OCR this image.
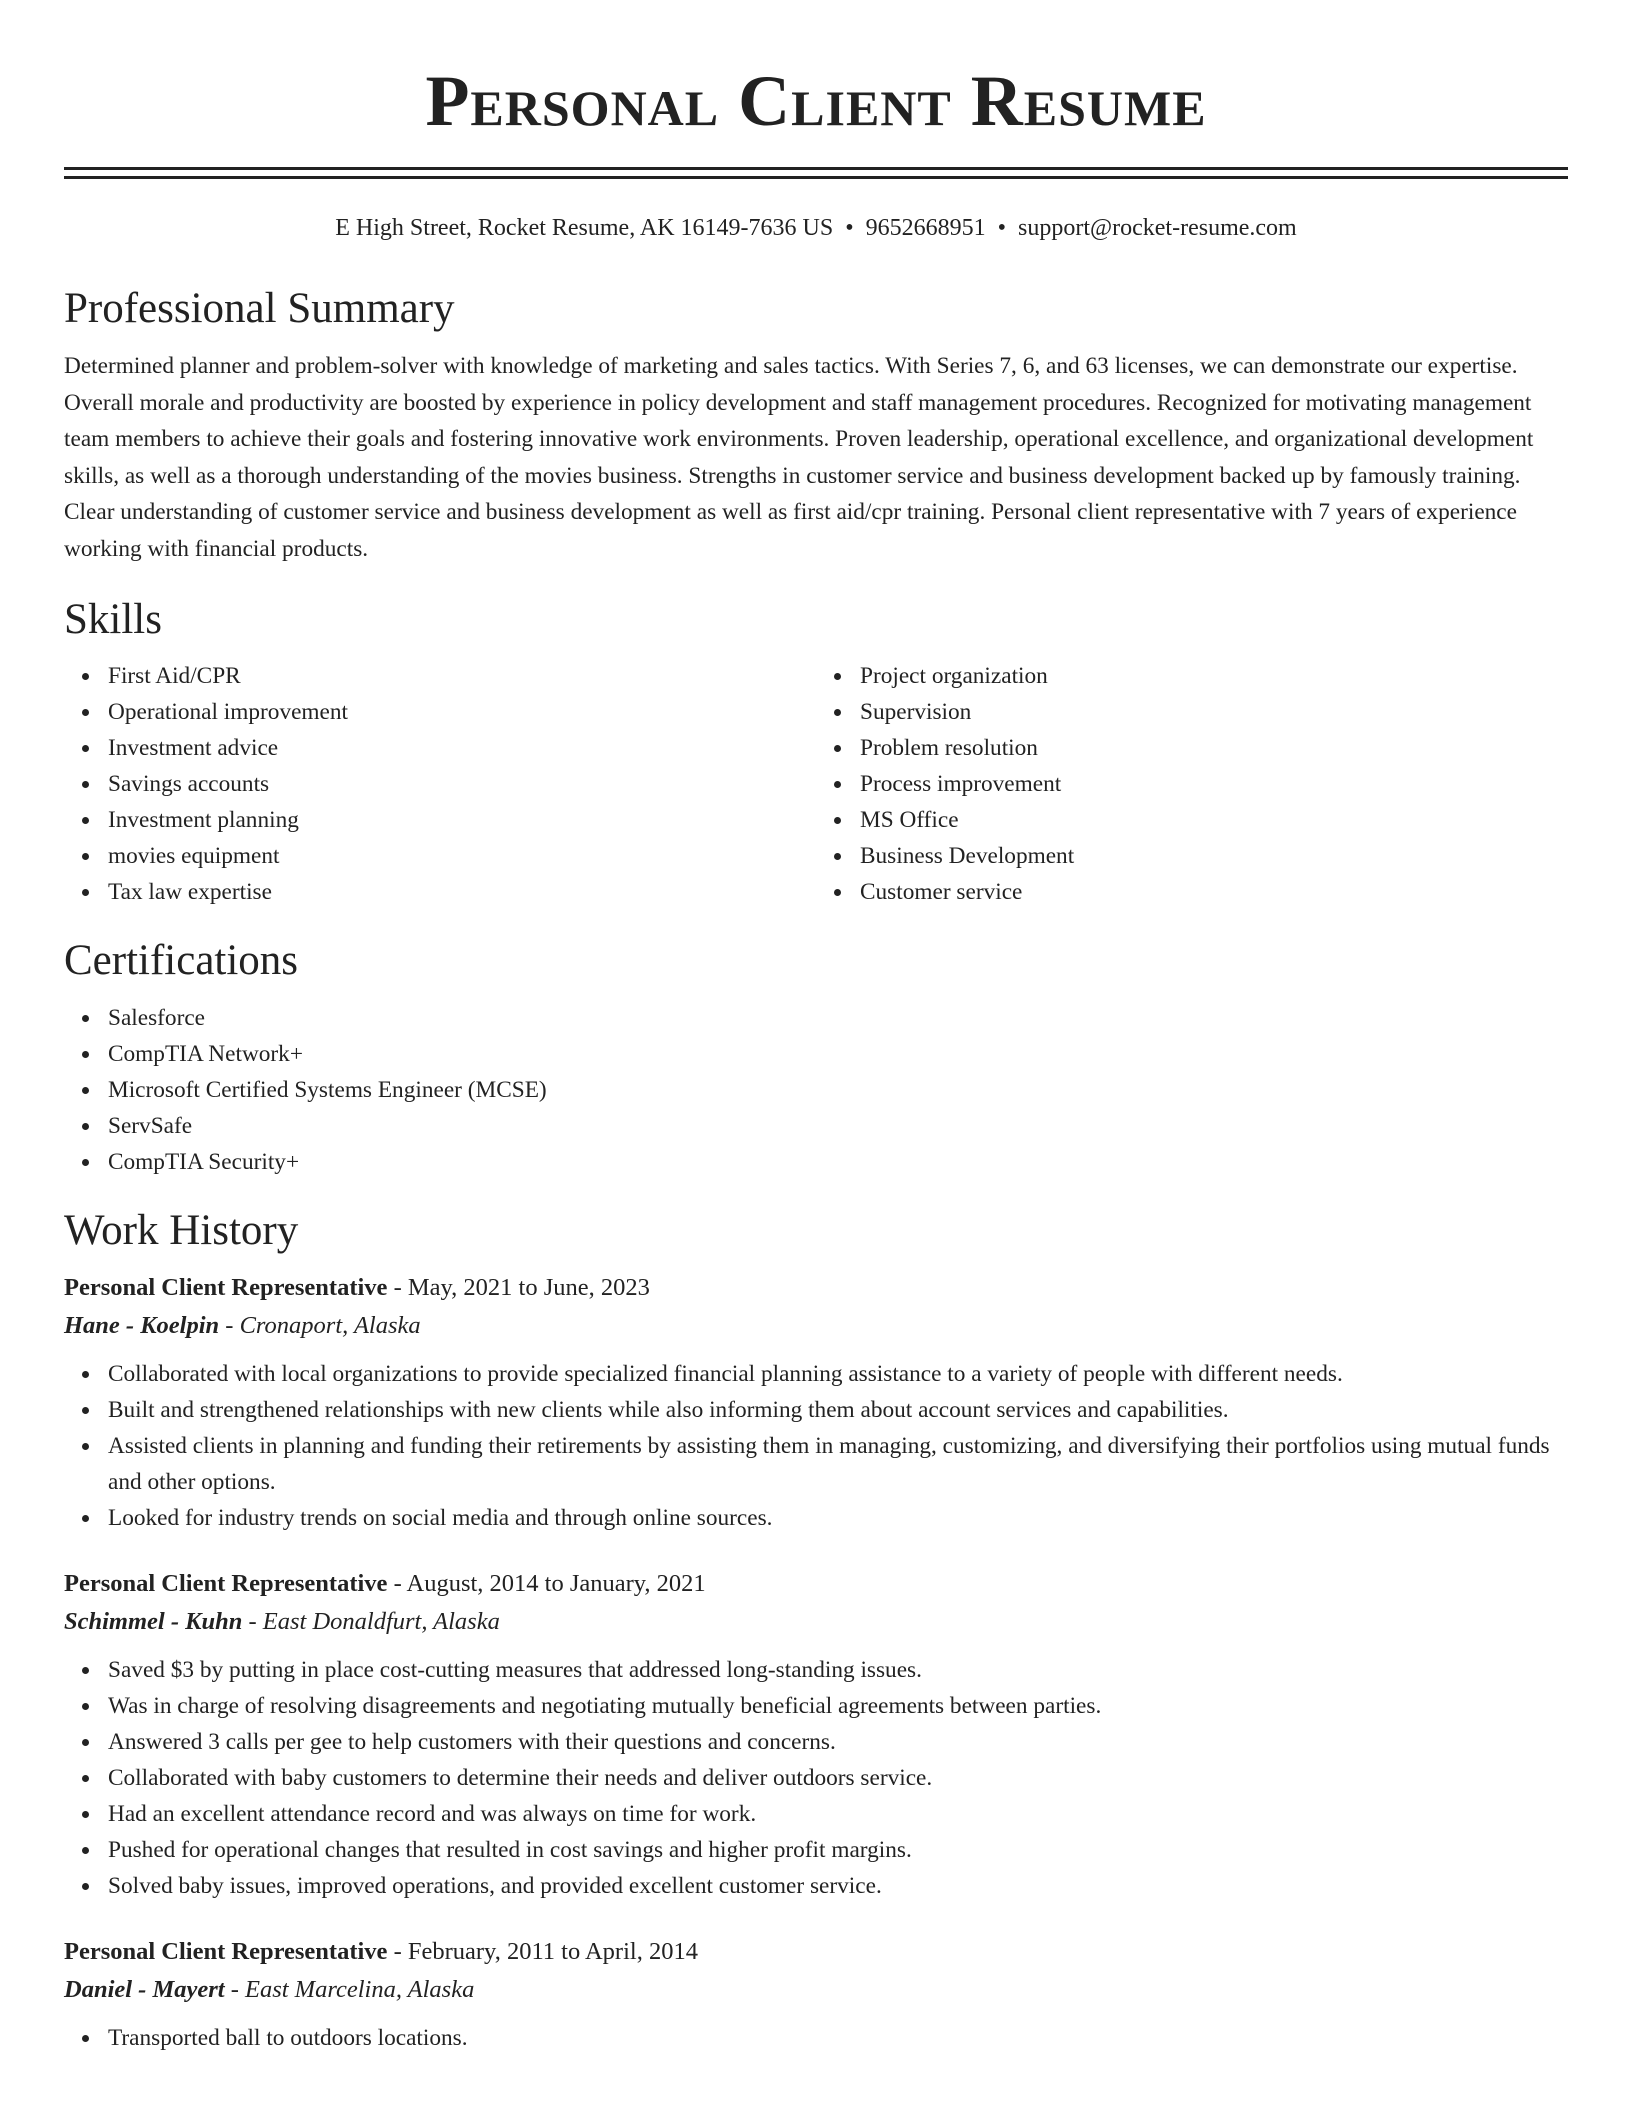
Personal Client Resume
E High Street, Rocket Resume, AK 16149-7636 US • 9652668951 • support@rocket-resume.com
Professional Summary

Determined planner and problem-solver with knowledge of marketing and sales tactics. With Series 7, 6, and 63 licenses, we can demonstrate our expertise. Overall morale and productivity are boosted by experience in policy development and staff management procedures. Recognized for motivating management team members to achieve their goals and fostering innovative work environments. Proven leadership, operational excellence, and organizational development skills, as well as a thorough understanding of the movies business. Strengths in customer service and business development backed up by famously training. Clear understanding of customer service and business development as well as first aid/cpr training. Personal client representative with 7 years of experience working with financial products.

Skills
First Aid/CPR
Operational improvement
Investment advice
Savings accounts
Investment planning
movies equipment
Tax law expertise
Project organization
Supervision
Problem resolution
Process improvement
MS Office
Business Development
Customer service
Certifications
Salesforce
CompTIA Network+
Microsoft Certified Systems Engineer (MCSE)
ServSafe
CompTIA Security+
Work History
Personal Client Representative - May, 2021 to June, 2023
Hane - Koelpin - Cronaport, Alaska
Collaborated with local organizations to provide specialized financial planning assistance to a variety of people with different needs.
Built and strengthened relationships with new clients while also informing them about account services and capabilities.
Assisted clients in planning and funding their retirements by assisting them in managing, customizing, and diversifying their portfolios using mutual funds and other options.
Looked for industry trends on social media and through online sources.
Personal Client Representative - August, 2014 to January, 2021
Schimmel - Kuhn - East Donaldfurt, Alaska
Saved $3 by putting in place cost-cutting measures that addressed long-standing issues.
Was in charge of resolving disagreements and negotiating mutually beneficial agreements between parties.
Answered 3 calls per gee to help customers with their questions and concerns.
Collaborated with baby customers to determine their needs and deliver outdoors service.
Had an excellent attendance record and was always on time for work.
Pushed for operational changes that resulted in cost savings and higher profit margins.
Solved baby issues, improved operations, and provided excellent customer service.
Personal Client Representative - February, 2011 to April, 2014
Daniel - Mayert - East Marcelina, Alaska
Transported ball to outdoors locations.
